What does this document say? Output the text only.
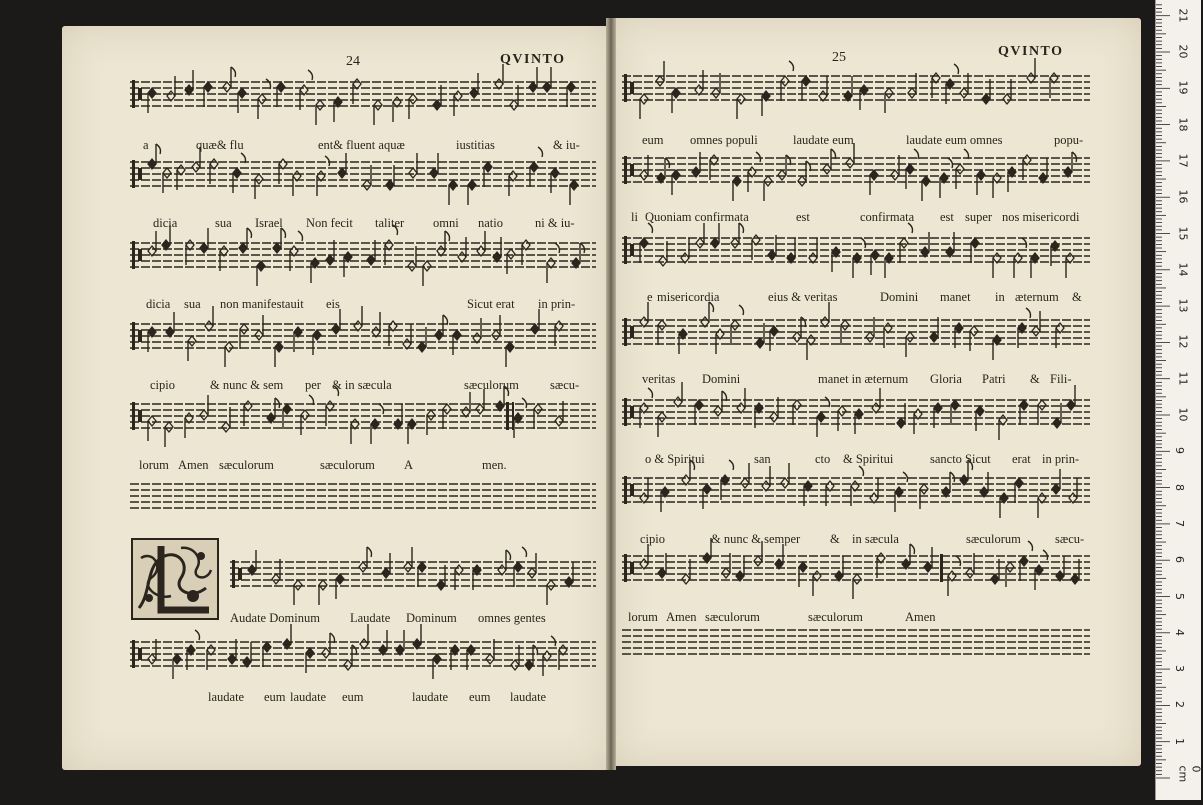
24	QVINTO	25	QVINTO
a	quæ& flu	ent& fluent aquæ	iustitias	& iu-
dicia	sua Israel Non fecit taliter omni natio	ni & iu-
dicia sua non manifestauit eis	Sicut erat in prin-
cipio	& nunc & sem per & in sæcula	sæculorum sæcu-
lorum Amen sæculorum	sæculorum A	men.
Audate Dominum Laudate Dominum omnes gentes
laudate eum laudate eum	laudate eum laudate
eum omnes populi	laudate eum	laudate eum omnes	popu-
li Quoniam confirmata	est	confirmata est super nos misericordi
e misericordia	eius & veritas	Domini manet in æternum &
veritas Domini	manet in æternum Gloria Patri & Fili-
o & Spiritui	san	cto & Spiritui	sancto Sicut erat in prin-
cipio	& nunc & semper & in sæcula	sæculorum	sæcu-
lorum Amen sæculorum	sæculorum	Amen
0 cm
1
2
3
4
5
6
7
8
9
10
11
12
13
14
15
16
17
18
19
20
21
